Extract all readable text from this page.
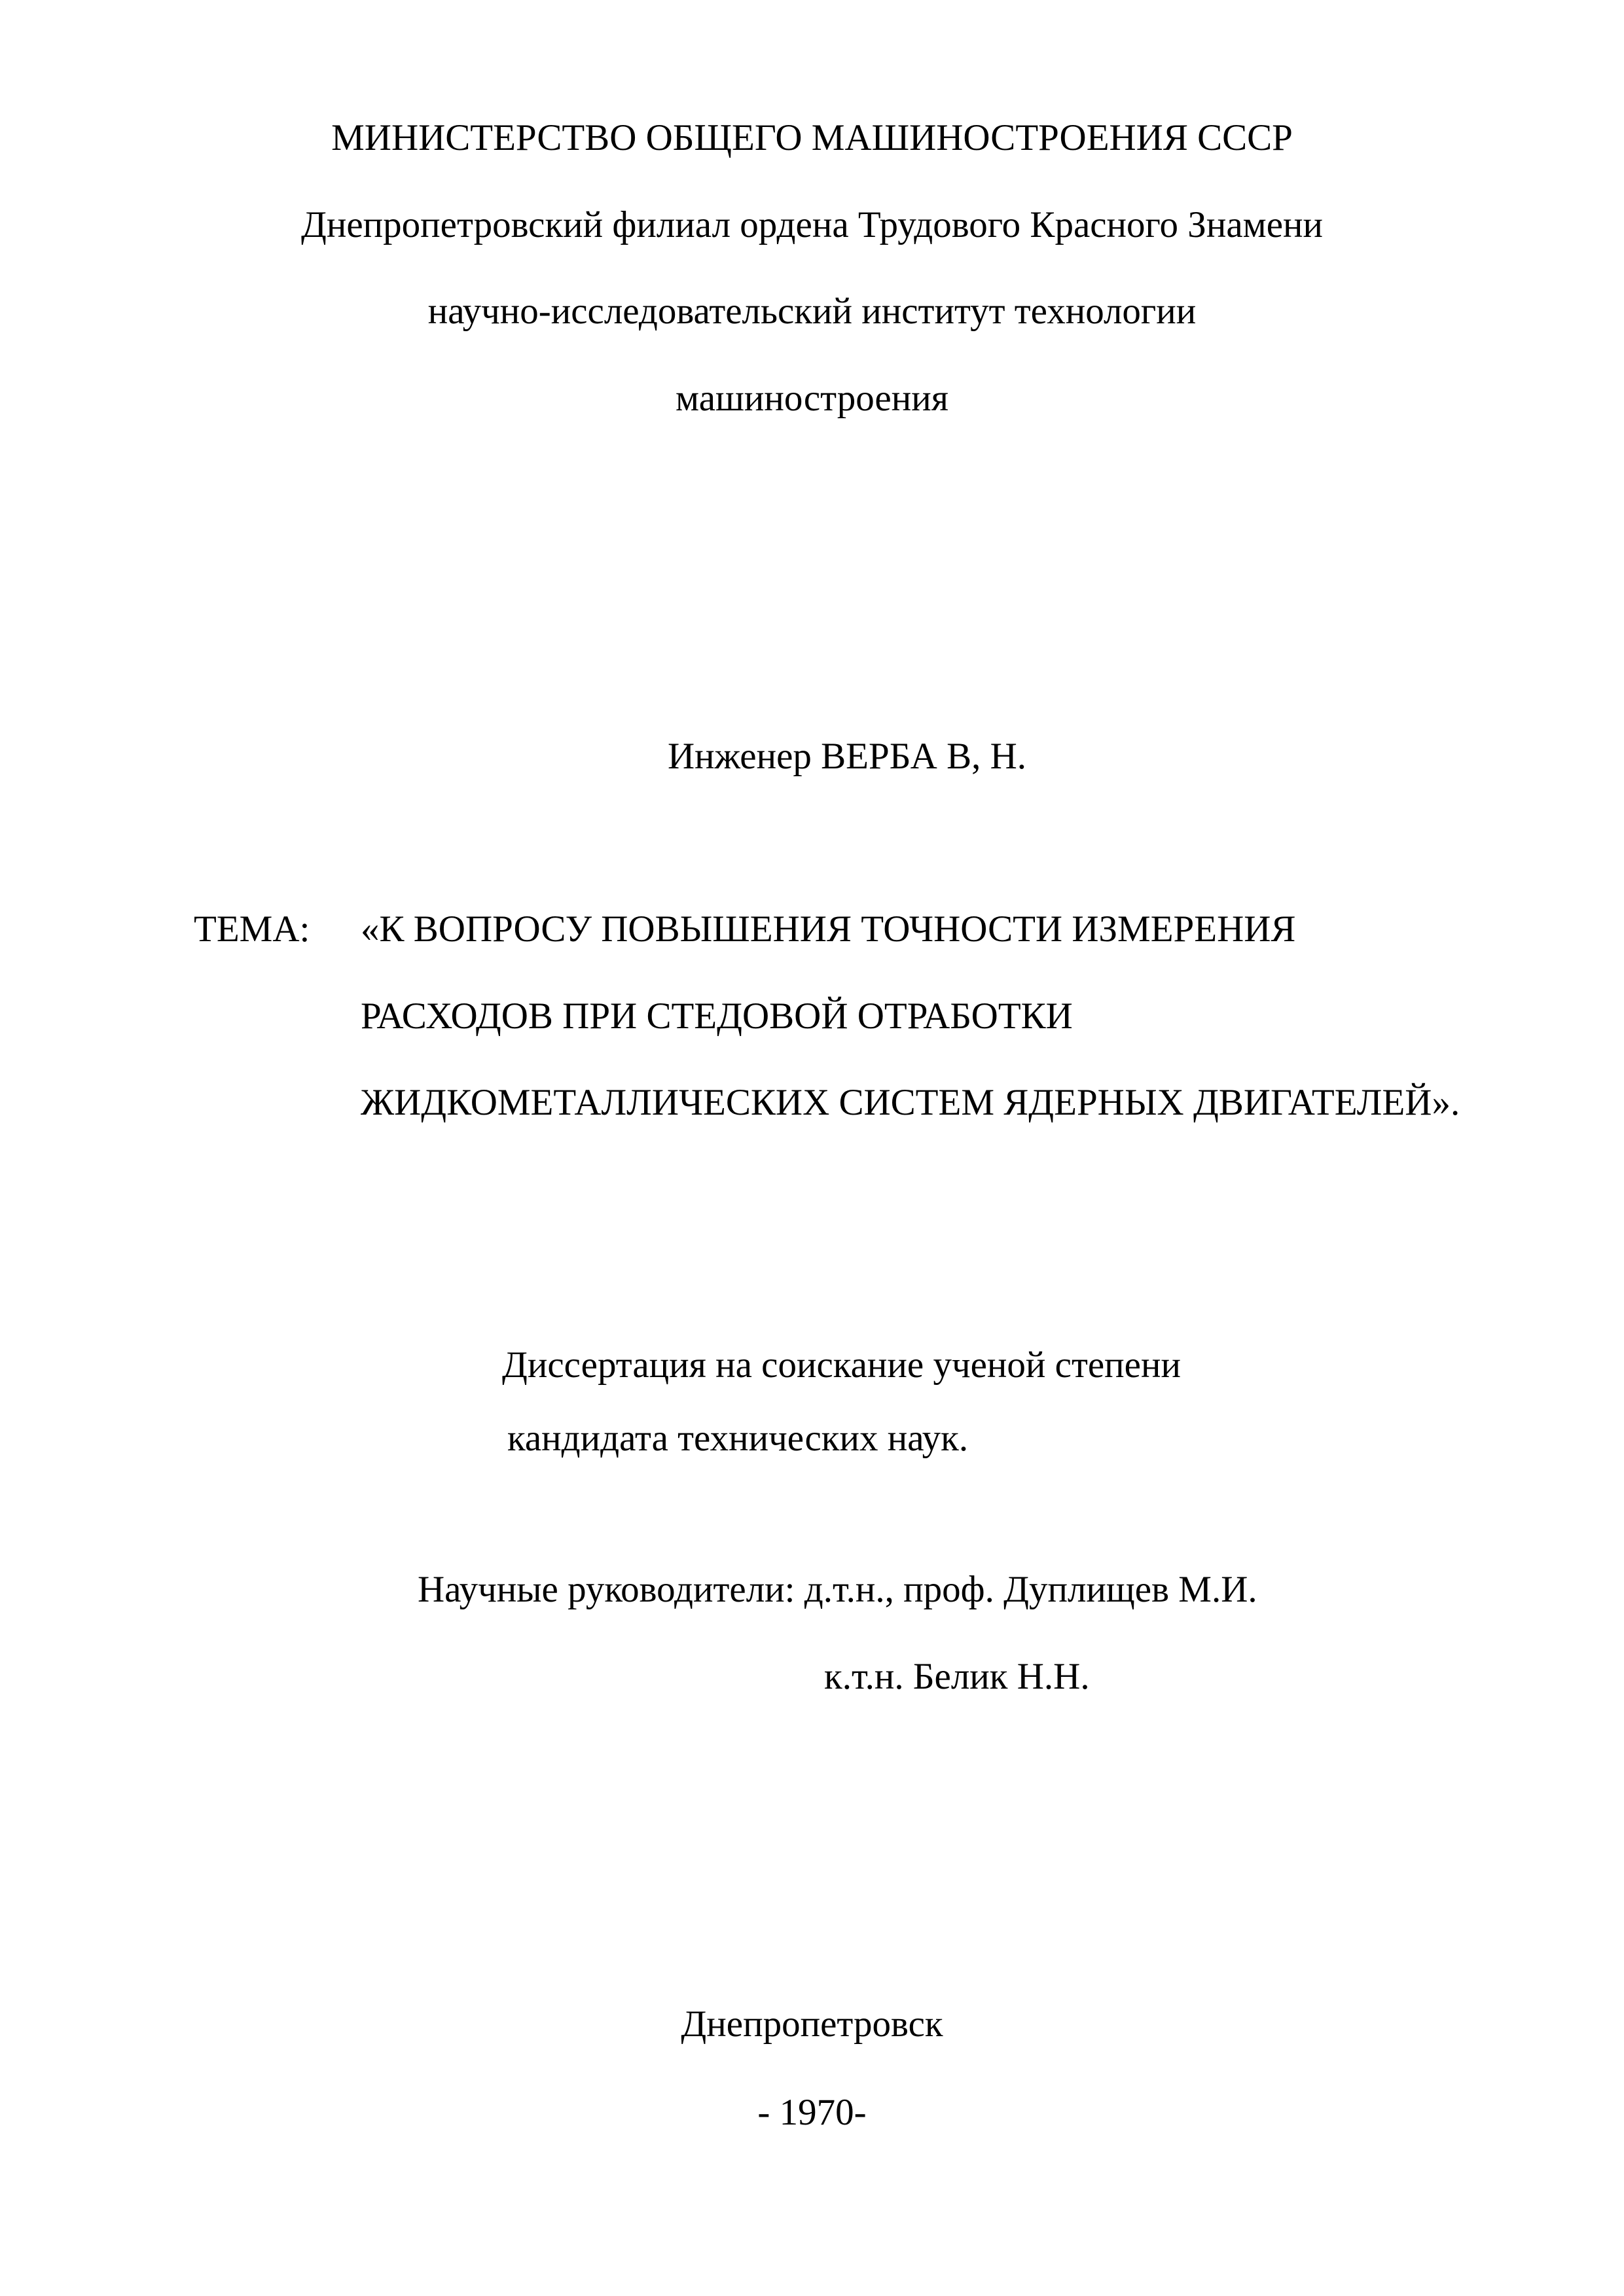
МИНИСТЕРСТВО ОБЩЕГО МАШИНОСТРОЕНИЯ СССР
Днепропетровский филиал ордена Трудового Красного Знамени
научно-исследовательский институт технологии
машиностроения
Инженер ВЕРБА В, Н.
ТЕМА: «К ВОПРОСУ ПОВЫШЕНИЯ ТОЧНОСТИ ИЗМЕРЕНИЯ
РАСХОДОВ ПРИ СТЕДОВОЙ ОТРАБОТКИ
ЖИДКОМЕТАЛЛИЧЕСКИХ СИСТЕМ ЯДЕРНЫХ ДВИГАТЕЛЕЙ».
Диссертация на соискание ученой степени
кандидата технических наук.
Научные руководители: д.т.н., проф. Дуплищев М.И.
к.т.н. Белик Н.Н.
Днепропетровск
- 1970-
